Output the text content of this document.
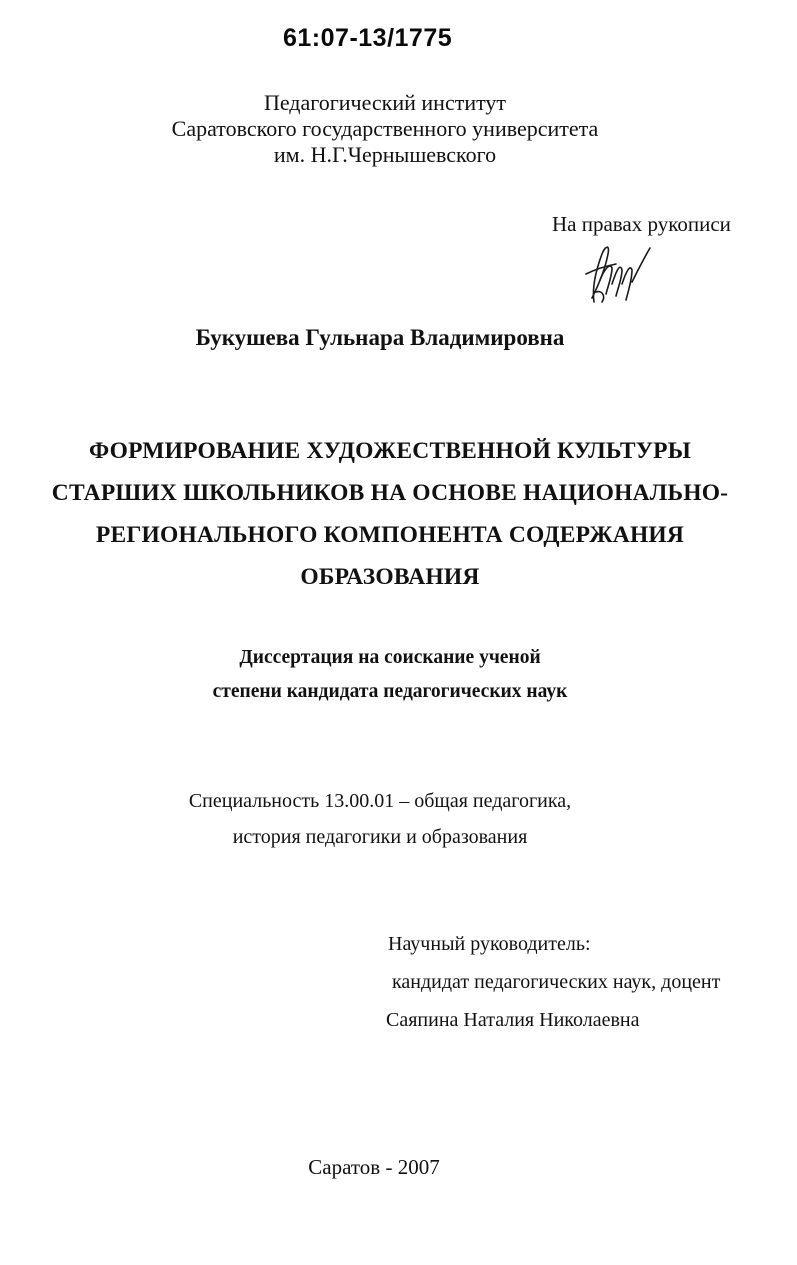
61:07-13/1775
Педагогический институт
Саратовского государственного университета
им. Н.Г.Чернышевского
На правах рукописи
Букушева Гульнара Владимировна
ФОРМИРОВАНИЕ ХУДОЖЕСТВЕННОЙ КУЛЬТУРЫ
СТАРШИХ ШКОЛЬНИКОВ НА ОСНОВЕ НАЦИОНАЛЬНО-
РЕГИОНАЛЬНОГО КОМПОНЕНТА СОДЕРЖАНИЯ
ОБРАЗОВАНИЯ
Диссертация на соискание ученой
степени кандидата педагогических наук
Специальность 13.00.01 – общая педагогика,
история педагогики и образования
Научный руководитель:
кандидат педагогических наук, доцент
Саяпина Наталия Николаевна
Саратов - 2007
